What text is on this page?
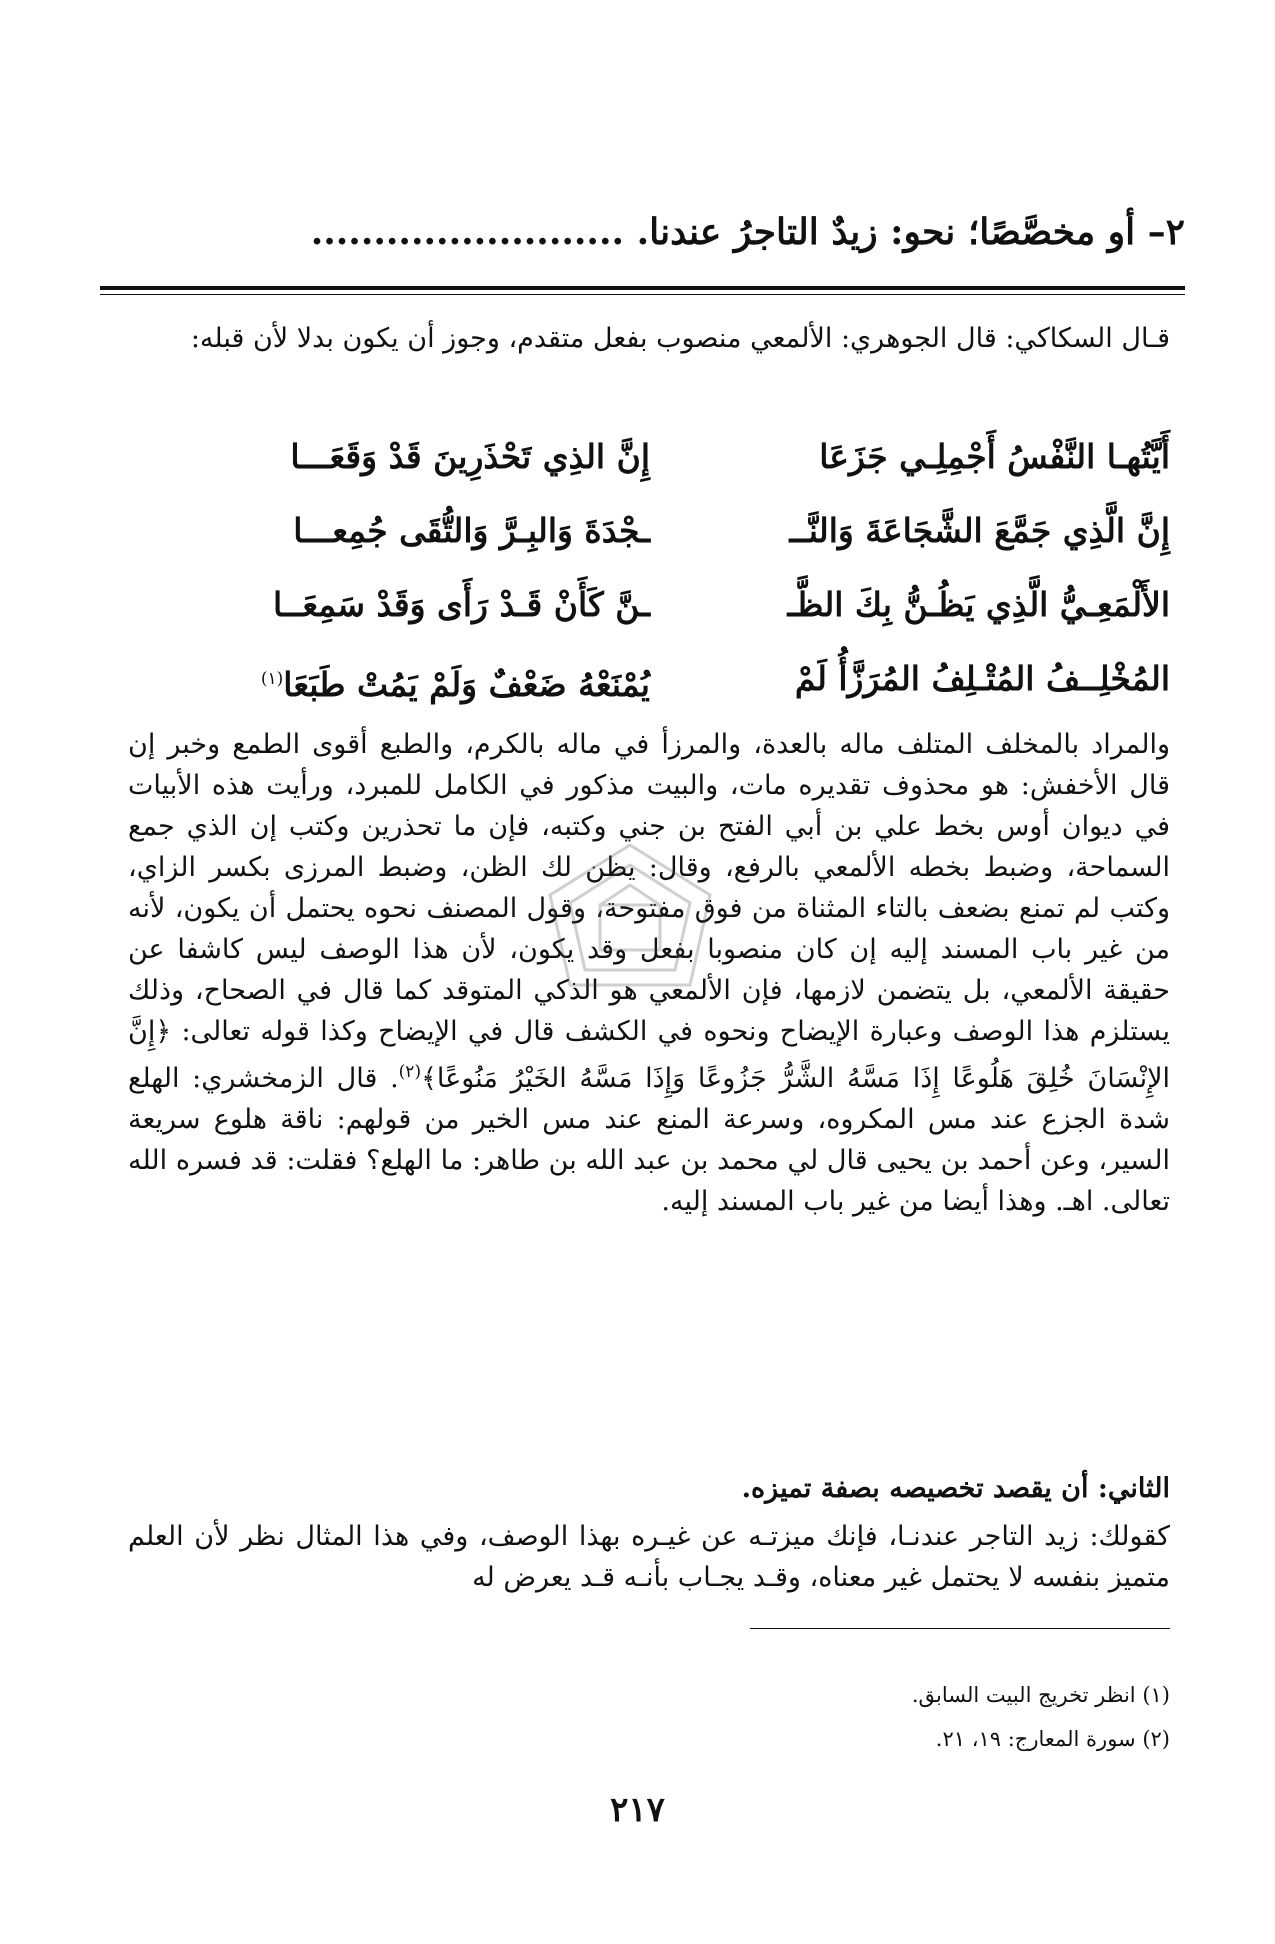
٢– أو مخصَّصًا؛ نحو: زيدٌ التاجرُ عندنا. .........................
قـال السكاكي: قال الجوهري: الألمعي منصوب بفعل متقدم، وجوز أن يكون بدلا لأن قبله:
أَيَّتُهـا النَّفْسُ أَجْمِلِـي جَزَعَا
إِنَّ الذِي تَحْذَرِينَ قَدْ وَقَعَـــا
إِنَّ الَّذِي جَمَّعَ الشَّجَاعَةَ وَالنَّــ
ـجْدَةَ وَالبِـرَّ وَالتُّقَى جُمِعـــا
الأَلْمَعِـيُّ الَّذِي يَظُـنُّ بِكَ الظَّـ
ـنَّ كَأَنْ قَـدْ رَأَى وَقَدْ سَمِعَــا
المُخْلِــفُ المُتْـلِفُ المُرَزَّأُ لَمْ
يُمْنَعْهُ ضَعْفٌ وَلَمْ يَمُتْ طَبَعَا$^{(١)}$
والمراد بالمخلف المتلف ماله بالعدة، والمرزأ في ماله بالكرم، والطبع أقوى الطمع وخبر إن قال الأخفش: هو محذوف تقديره مات، والبيت مذكور في الكامل للمبرد، ورأيت هذه الأبيات في ديوان أوس بخط علي بن أبي الفتح بن جني وكتبه، فإن ما تحذرين وكتب إن الذي جمع السماحة، وضبط بخطه الألمعي بالرفع، وقال: يظن لك الظن، وضبط المرزى بكسر الزاي، وكتب لم تمنع بضعف بالتاء المثناة من فوق مفتوحة، وقول المصنف نحوه يحتمل أن يكون، لأنه من غير باب المسند إليه إن كان منصوبا بفعل وقد يكون، لأن هذا الوصف ليس كاشفا عن حقيقة الألمعي، بل يتضمن لازمها، فإن الألمعي هو الذكي المتوقد كما قال في الصحاح، وذلك يستلزم هذا الوصف وعبارة الإيضاح ونحوه في الكشف قال في الإيضاح وكذا قوله تعالى: ﴿إِنَّ الإِنْسَانَ خُلِقَ هَلُوعًا إِذَا مَسَّهُ الشَّرُّ جَزُوعًا وَإِذَا مَسَّهُ الخَيْرُ مَنُوعًا﴾$^{(٢)}$. قال الزمخشري: الهلع شدة الجزع عند مس المكروه، وسرعة المنع عند مس الخير من قولهم: ناقة هلوع سريعة السير، وعن أحمد بن يحيى قال لي محمد بن عبد الله بن طاهر: ما الهلع؟ فقلت: قد فسره الله تعالى. اهـ. وهذا أيضا من غير باب المسند إليه.
الثاني: أن يقصد تخصيصه بصفة تميزه.
كقولك: زيد التاجر عندنـا، فإنك ميزتـه عن غيـره بهذا الوصف، وفي هذا المثال نظر لأن العلم متميز بنفسه لا يحتمل غير معناه، وقـد يجـاب بأنـه قـد يعرض له
(١) انظر تخريج البيت السابق.
(٢) سورة المعارج: ١٩، ٢١.
٢١٧
